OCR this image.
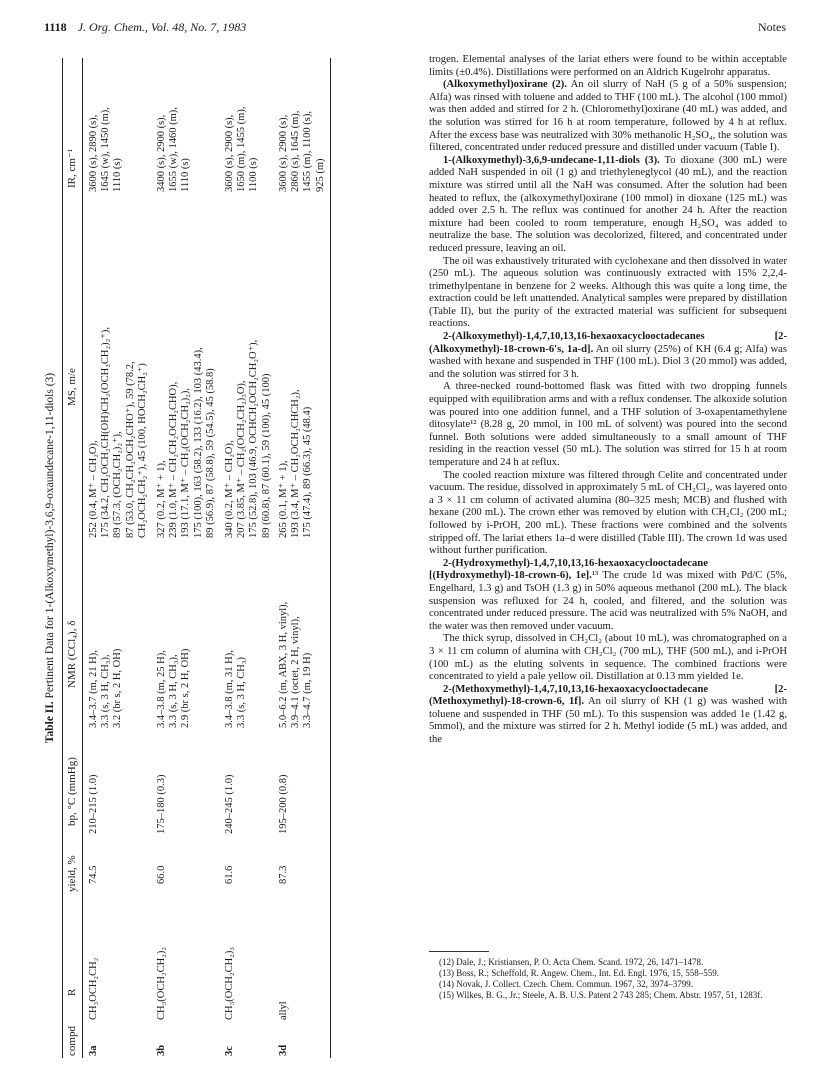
1118 J. Org. Chem., Vol. 48, No. 7, 1983	Notes
Table II. Pertinent Data for 1-(Alkoxymethyl)-3,6,9-oxaundecane-1,11-diols (3)
compd
R
yield, %
bp, °C (mmHg)
NMR (CCl₄), δ
MS, m/e
IR, cm⁻¹
3a
CH₃OCH₂CH₂
74.5
210–215 (1.0)
3.4–3.7 (m, 21 H), 3.3 (s, 3 H, CH₃), 3.2 (br s, 2 H, OH)
252 (0.4, M⁺ – CH₂O), 175 (34.2, CH₂OCH₂CH(OH)CH₂(OCH₂CH₂)₂⁺), 89 (57.3, (OCH₂CH₂)₂⁺), 87 (53.0, CH₂CH₂OCH₂CHO⁺), 59 (78.2, CH₂OCH₂CH₂⁺), 45 (100, HOCH₂CH₂⁺)
3600 (s), 2890 (s), 1645 (w), 1450 (m), 1110 (s)
3b
CH₃(OCH₂CH₂)₂
66.0
175–180 (0.3)
3.4–3.8 (m, 25 H), 3.3 (s, 3 H, CH₃), 2.9 (br s, 2 H, OH)
327 (0.2, M⁺ + 1), 239 (1.0, M⁺ – CH₂CH₂OCH₂CHO), 193 (17.1, M⁺ – CH₂(OCH₂CH₂)₂), 175 (100), 163 (58.2), 133 (16.2), 103 (43.4), 89 (56.9), 87 (58.8), 59 (54.5), 45 (58.8)
3400 (s), 2900 (s), 1655 (w), 1460 (m), 1110 (s)
3c
CH₃(OCH₂CH₂)₃
61.6
240–245 (1.0)
3.4–3.8 (m, 31 H), 3.3 (s, 3 H, CH₃)
340 (0.2, M⁺ – CH₂O), 207 (3.85, M⁺ – CH₂(OCH₂CH₂)₃O), 175 (52.8), 103 (46.9, OCHCH₂OCH₂CH₂O⁺), 89 (60.8), 87 (60.1), 59 (100), 45 (100)
3600 (s), 2900 (s), 1650 (m), 1455 (m), 1100 (s)
3d
allyl
87.3
195–200 (0.8)
5.0–6.2 (m, ABX, 3 H, vinyl), 3.9–4.1 (octet, 2 H, vinyl), 3.3–4.7 (m, 19 H)
265 (0.1, M⁺ + 1), 193 (3.4, M⁺ – CH₂OCH₂CHCH₂), 175 (47.4), 89 (66.3), 45 (48.4)
3600 (s), 2900 (s), 2860 (s), 1645 (m), 1455 (m), 1100 (s), 925 (m)

trogen. Elemental analyses of the lariat ethers were found to be within acceptable limits (±0.4%). Distillations were performed on an Aldrich Kugelrohr apparatus.

(Alkoxymethyl)oxirane (2). An oil slurry of NaH (5 g of a 50% suspension; Alfa) was rinsed with toluene and added to THF (100 mL). The alcohol (100 mmol) was then added and stirred for 2 h. (Chloromethyl)oxirane (40 mL) was added, and the solution was stirred for 16 h at room temperature, followed by 4 h at reflux. After the excess base was neutralized with 30% methanolic H₂SO₄, the solution was filtered, concentrated under reduced pressure and distilled under vacuum (Table I).

1-(Alkoxymethyl)-3,6,9-undecane-1,11-diols (3). To dioxane (300 mL) were added NaH suspended in oil (1 g) and triethyleneglycol (40 mL), and the reaction mixture was stirred until all the NaH was consumed. After the solution had been heated to reflux, the (alkoxymethyl)oxirane (100 mmol) in dioxane (125 mL) was added over 2.5 h. The reflux was continued for another 24 h. After the reaction mixture had been cooled to room temperature, enough H₂SO₄ was added to neutralize the base. The solution was decolorized, filtered, and concentrated under reduced pressure, leaving an oil.

The oil was exhaustively triturated with cyclohexane and then dissolved in water (250 mL). The aqueous solution was continuously extracted with 15% 2,2,4-trimethylpentane in benzene for 2 weeks. Although this was quite a long time, the extraction could be left unattended. Analytical samples were prepared by distillation (Table II), but the purity of the extracted material was sufficient for subsequent reactions.

2-(Alkoxymethyl)-1,4,7,10,13,16-hexaoxacyclooctadecanes [2-(Alkoxymethyl)-18-crown-6's, 1a-d]. An oil slurry (25%) of KH (6.4 g; Alfa) was washed with hexane and suspended in THF (100 mL). Diol 3 (20 mmol) was added, and the solution was stirred for 3 h.

A three-necked round-bottomed flask was fitted with two dropping funnels equipped with equilibration arms and with a reflux condenser. The alkoxide solution was poured into one addition funnel, and a THF solution of 3-oxapentamethylene ditosylate¹² (8.28 g, 20 mmol, in 100 mL of solvent) was poured into the second funnel. Both solutions were added simultaneously to a small amount of THF residing in the reaction vessel (50 mL). The solution was stirred for 15 h at room temperature and 24 h at reflux.

The cooled reaction mixture was filtered through Celite and concentrated under vacuum. The residue, dissolved in approximately 5 mL of CH₂Cl₂, was layered onto a 3 × 11 cm column of activated alumina (80–325 mesh; MCB) and flushed with hexane (200 mL). The crown ether was removed by elution with CH₂Cl₂ (200 mL; followed by i-PrOH, 200 mL). These fractions were combined and the solvents stripped off. The lariat ethers 1a–d were distilled (Table III). The crown 1d was used without further purification.

2-(Hydroxymethyl)-1,4,7,10,13,16-hexaoxacyclooctadecane [(Hydroxymethyl)-18-crown-6), 1e].¹³ The crude 1d was mixed with Pd/C (5%, Engelhard, 1.3 g) and TsOH (1.3 g) in 50% aqueous methanol (200 mL). The black suspension was refluxed for 24 h, cooled, and filtered, and the solution was concentrated under reduced pressure. The acid was neutralized with 5% NaOH, and the water was then removed under vacuum.

The thick syrup, dissolved in CH₂Cl₂ (about 10 mL), was chromatographed on a 3 × 11 cm column of alumina with CH₂Cl₂ (700 mL), THF (500 mL), and i-PrOH (100 mL) as the eluting solvents in sequence. The combined fractions were concentrated to yield a pale yellow oil. Distillation at 0.13 mm yielded 1e.

2-(Methoxymethyl)-1,4,7,10,13,16-hexaoxacyclooctadecane [2-(Methoxymethyl)-18-crown-6, 1f]. An oil slurry of KH (1 g) was washed with toluene and suspended in THF (50 mL). To this suspension was added 1e (1.42 g, 5mmol), and the mixture was stirred for 2 h. Methyl iodide (5 mL) was added, and the

(12) Dale, J.; Kristiansen, P. O. Acta Chem. Scand. 1972, 26, 1471–1478.
(13) Boss, R.; Scheffold, R. Angew. Chem., Int. Ed. Engl. 1976, 15, 558–559.
(14) Novak, J. Collect. Czech. Chem. Commun. 1967, 32, 3974–3799.
(15) Wilkes, B. G., Jr.; Steele, A. B. U.S. Patent 2 743 285; Chem. Abstr. 1957, 51, 1283f.
